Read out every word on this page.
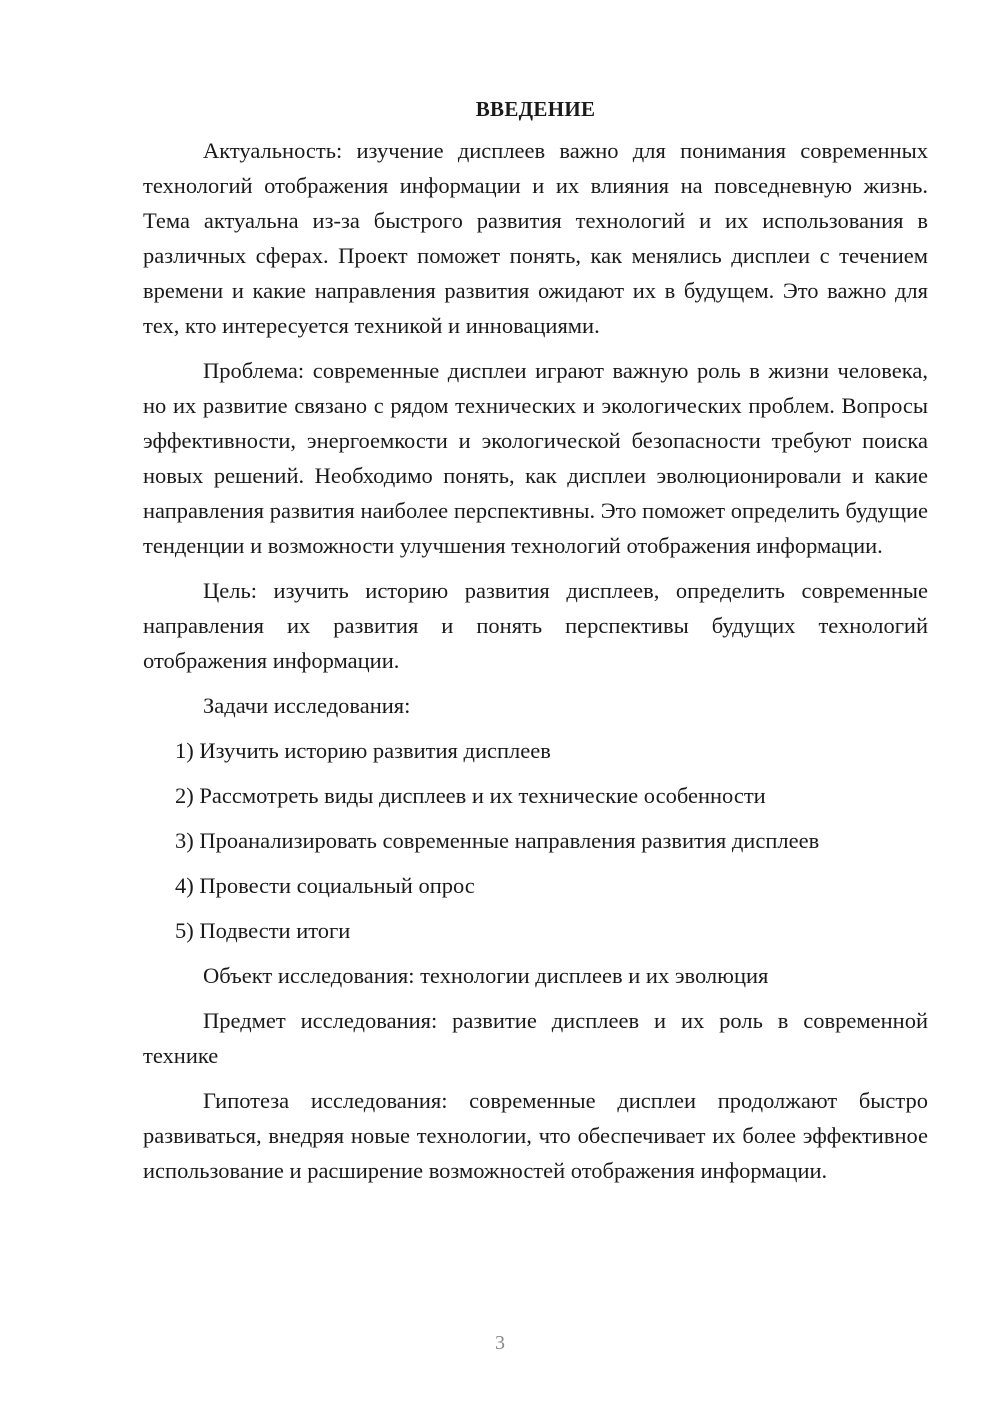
ВВЕДЕНИЕ

Актуальность: изучение дисплеев важно для понимания современных технологий отображения информации и их влияния на повседневную жизнь. Тема актуальна из-за быстрого развития технологий и их использования в различных сферах. Проект поможет понять, как менялись дисплеи с течением времени и какие направления развития ожидают их в будущем. Это важно для тех, кто интересуется техникой и инновациями.

Проблема: современные дисплеи играют важную роль в жизни человека, но их развитие связано с рядом технических и экологических проблем. Вопросы эффективности, энергоемкости и экологической безопасности требуют поиска новых решений. Необходимо понять, как дисплеи эволюционировали и какие направления развития наиболее перспективны. Это поможет определить будущие тенденции и возможности улучшения технологий отображения информации.

Цель: изучить историю развития дисплеев, определить современные направления их развития и понять перспективы будущих технологий отображения информации.

Задачи исследования:

1) Изучить историю развития дисплеев
2) Рассмотреть виды дисплеев и их технические особенности
3) Проанализировать современные направления развития дисплеев
4) Провести социальный опрос
5) Подвести итоги

Объект исследования: технологии дисплеев и их эволюция

Предмет исследования: развитие дисплеев и их роль в современной технике

Гипотеза исследования: современные дисплеи продолжают быстро развиваться, внедряя новые технологии, что обеспечивает их более эффективное использование и расширение возможностей отображения информации.

3
